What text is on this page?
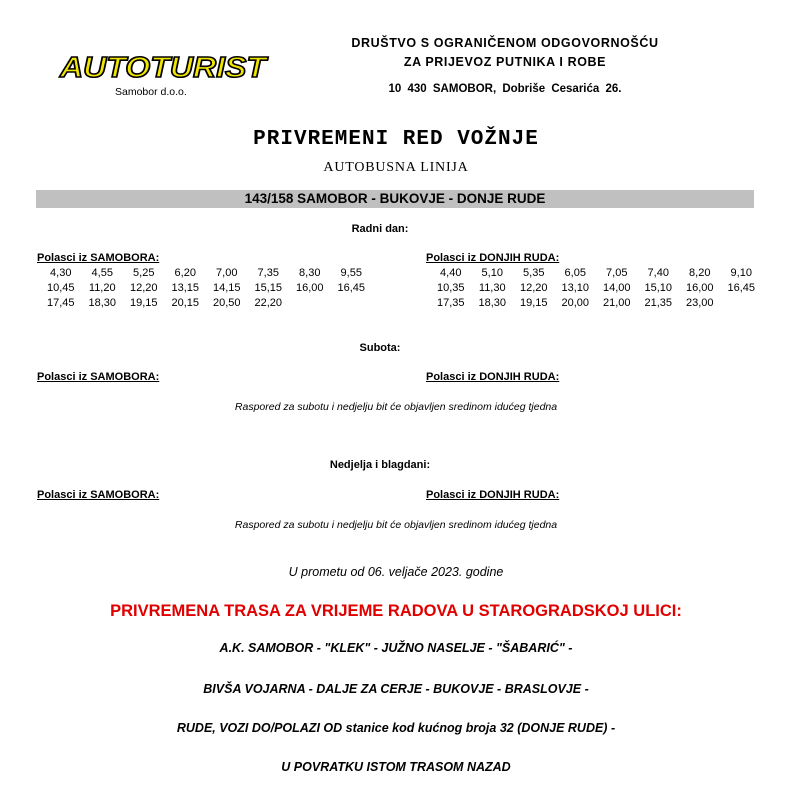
AUTOTURIST
Samobor d.o.o.
DRUŠTVO S OGRANIČENOM ODGOVORNOŠĆU
ZA PRIJEVOZ PUTNIKA I ROBE
10 430 SAMOBOR, Dobriše Cesarića 26.
PRIVREMENI RED VOŽNJE
AUTOBUSNA LINIJA
143/158 SAMOBOR - BUKOVJE - DONJE RUDE
Radni dan:
Polasci iz SAMOBORA:	Polasci iz DONJIH RUDA:
4,30	4,55	5,25	6,20	7,00	7,35	8,30	9,55
10,45	11,20	12,20	13,15	14,15	15,15	16,00	16,45
17,45	18,30	19,15	20,15	20,50	22,20
4,40	5,10	5,35	6,05	7,05	7,40	8,20	9,10
10,35	11,30	12,20	13,10	14,00	15,10	16,00	16,45
17,35	18,30	19,15	20,00	21,00	21,35	23,00
Subota:
Polasci iz SAMOBORA:	Polasci iz DONJIH RUDA:
Raspored za subotu i nedjelju bit će objavljen sredinom idućeg tjedna
Nedjelja i blagdani:
Polasci iz SAMOBORA:	Polasci iz DONJIH RUDA:
Raspored za subotu i nedjelju bit će objavljen sredinom idućeg tjedna
U prometu od 06. veljače 2023. godine
PRIVREMENA TRASA ZA VRIJEME RADOVA U STAROGRADSKOJ ULICI:
A.K. SAMOBOR - "KLEK" - JUŽNO NASELJE - "ŠABARIĆ" -
BIVŠA VOJARNA - DALJE ZA CERJE - BUKOVJE - BRASLOVJE -
RUDE, VOZI DO/POLAZI OD stanice kod kućnog broja 32 (DONJE RUDE) -
U POVRATKU ISTOM TRASOM NAZAD
